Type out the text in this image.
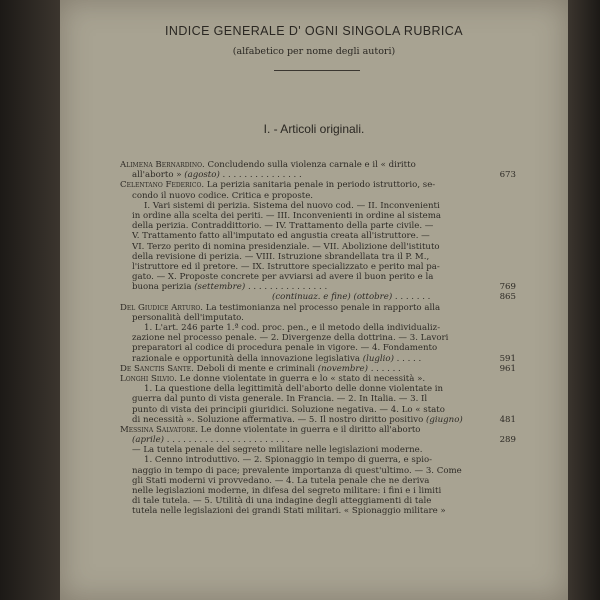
INDICE GENERALE D' OGNI SINGOLA RUBRICA
(alfabetico per nome degli autori)
I. - Articoli originali.
Alimena Bernardino. Concludendo sulla violenza carnale e il « diritto
all'aborto » (agosto) . . . . . . . . . . . . . . .	673
Celentano Federico. La perizia sanitaria penale in periodo istruttorio, se-
condo il nuovo codice. Critica e proposte.
I. Vari sistemi di perizia. Sistema del nuovo cod. — II. Inconvenienti
in ordine alla scelta dei periti. — III. Inconvenienti in ordine al sistema
della perizia. Contraddittorio. — IV. Trattamento della parte civile. —
V. Trattamento fatto all'imputato ed angustia creata all'istruttore. —
VI. Terzo perito di nomina presidenziale. — VII. Abolizione dell'istituto
della revisione di perizia. — VIII. Istruzione sbrandellata tra il P. M.,
l'istruttore ed il pretore. — IX. Istruttore specializzato e perito mal pa-
gato. — X. Proposte concrete per avviarsi ad avere il buon perito e la
buona perizia (settembre) . . . . . . . . . . . . . . .	769
(continuaz. e fine) (ottobre) . . . . . . .	865
Del Giudice Arturo. La testimonianza nel processo penale in rapporto alla
personalità dell'imputato.
1. L'art. 246 parte 1.ª cod. proc. pen., e il metodo della individualiz-
zazione nel processo penale. — 2. Divergenze della dottrina. — 3. Lavori
preparatori al codice di procedura penale in vigore. — 4. Fondamento
razionale e opportunità della innovazione legislativa (luglio) . . . . .	591
De Sanctis Sante. Deboli di mente e criminali (novembre) . . . . . .	961
Longhi Silvio. Le donne violentate in guerra e lo « stato di necessità ».
1. La questione della legittimità dell'aborto delle donne violentate in
guerra dal punto di vista generale. In Francia. — 2. In Italia. — 3. Il
punto di vista dei principii giuridici. Soluzione negativa. — 4. Lo « stato
di necessità ». Soluzione affermativa. — 5. Il nostro diritto positivo (giugno)	481
Messina Salvatore. Le donne violentate in guerra e il diritto all'aborto
(aprile) . . . . . . . . . . . . . . . . . . . . . . .	289
— La tutela penale del segreto militare nelle legislazioni moderne.
1. Cenno introduttivo. — 2. Spionaggio in tempo di guerra, e spio-
naggio in tempo di pace; prevalente importanza di quest'ultimo. — 3. Come
gli Stati moderni vi provvedano. — 4. La tutela penale che ne deriva
nelle legislazioni moderne, in difesa del segreto militare: i fini e i limiti
di tale tutela. — 5. Utilità di una indagine degli atteggiamenti di tale
tutela nelle legislazioni dei grandi Stati militari. « Spionaggio militare »
